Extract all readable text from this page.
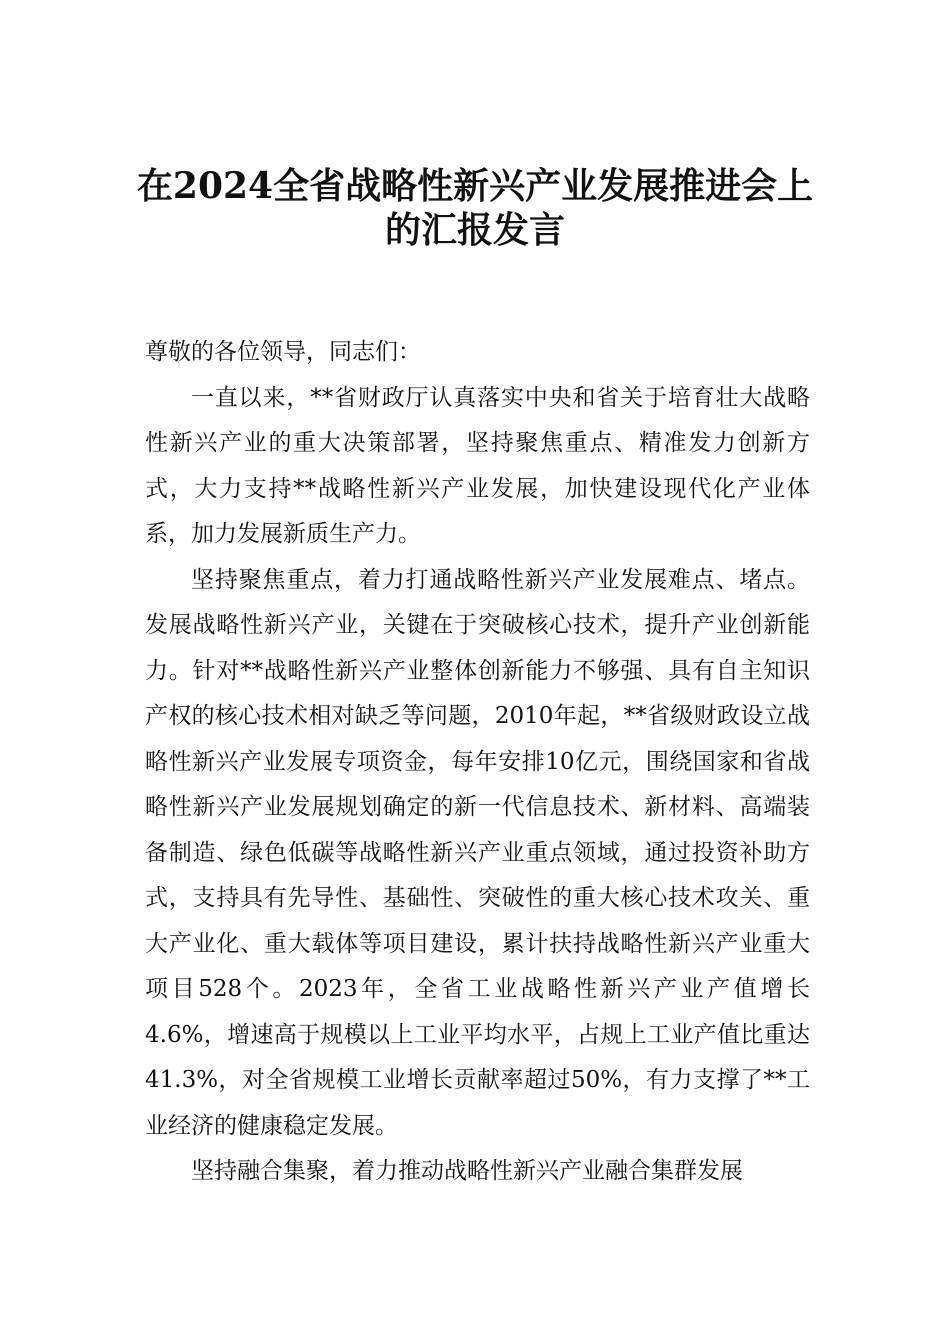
在2024全省战略性新兴产业发展推进会上
的汇报发言

尊敬的各位领导，同志们：

一直以来，**省财政厅认真落实中央和省关于培育壮大战略性新兴产业的重大决策部署，坚持聚焦重点、精准发力创新方式，大力支持**战略性新兴产业发展，加快建设现代化产业体系，加力发展新质生产力。

坚持聚焦重点，着力打通战略性新兴产业发展难点、堵点。发展战略性新兴产业，关键在于突破核心技术，提升产业创新能力。针对**战略性新兴产业整体创新能力不够强、具有自主知识产权的核心技术相对缺乏等问题，2010年起，**省级财政设立战略性新兴产业发展专项资金，每年安排10亿元，围绕国家和省战略性新兴产业发展规划确定的新一代信息技术、新材料、高端装备制造、绿色低碳等战略性新兴产业重点领域，通过投资补助方式，支持具有先导性、基础性、突破性的重大核心技术攻关、重大产业化、重大载体等项目建设，累计扶持战略性新兴产业重大项目528个。2023年，全省工业战略性新兴产业产值增长4.6%，增速高于规模以上工业平均水平，占规上工业产值比重达41.3%，对全省规模工业增长贡献率超过50%，有力支撑了**工业经济的健康稳定发展。

坚持融合集聚，着力推动战略性新兴产业融合集群发展
